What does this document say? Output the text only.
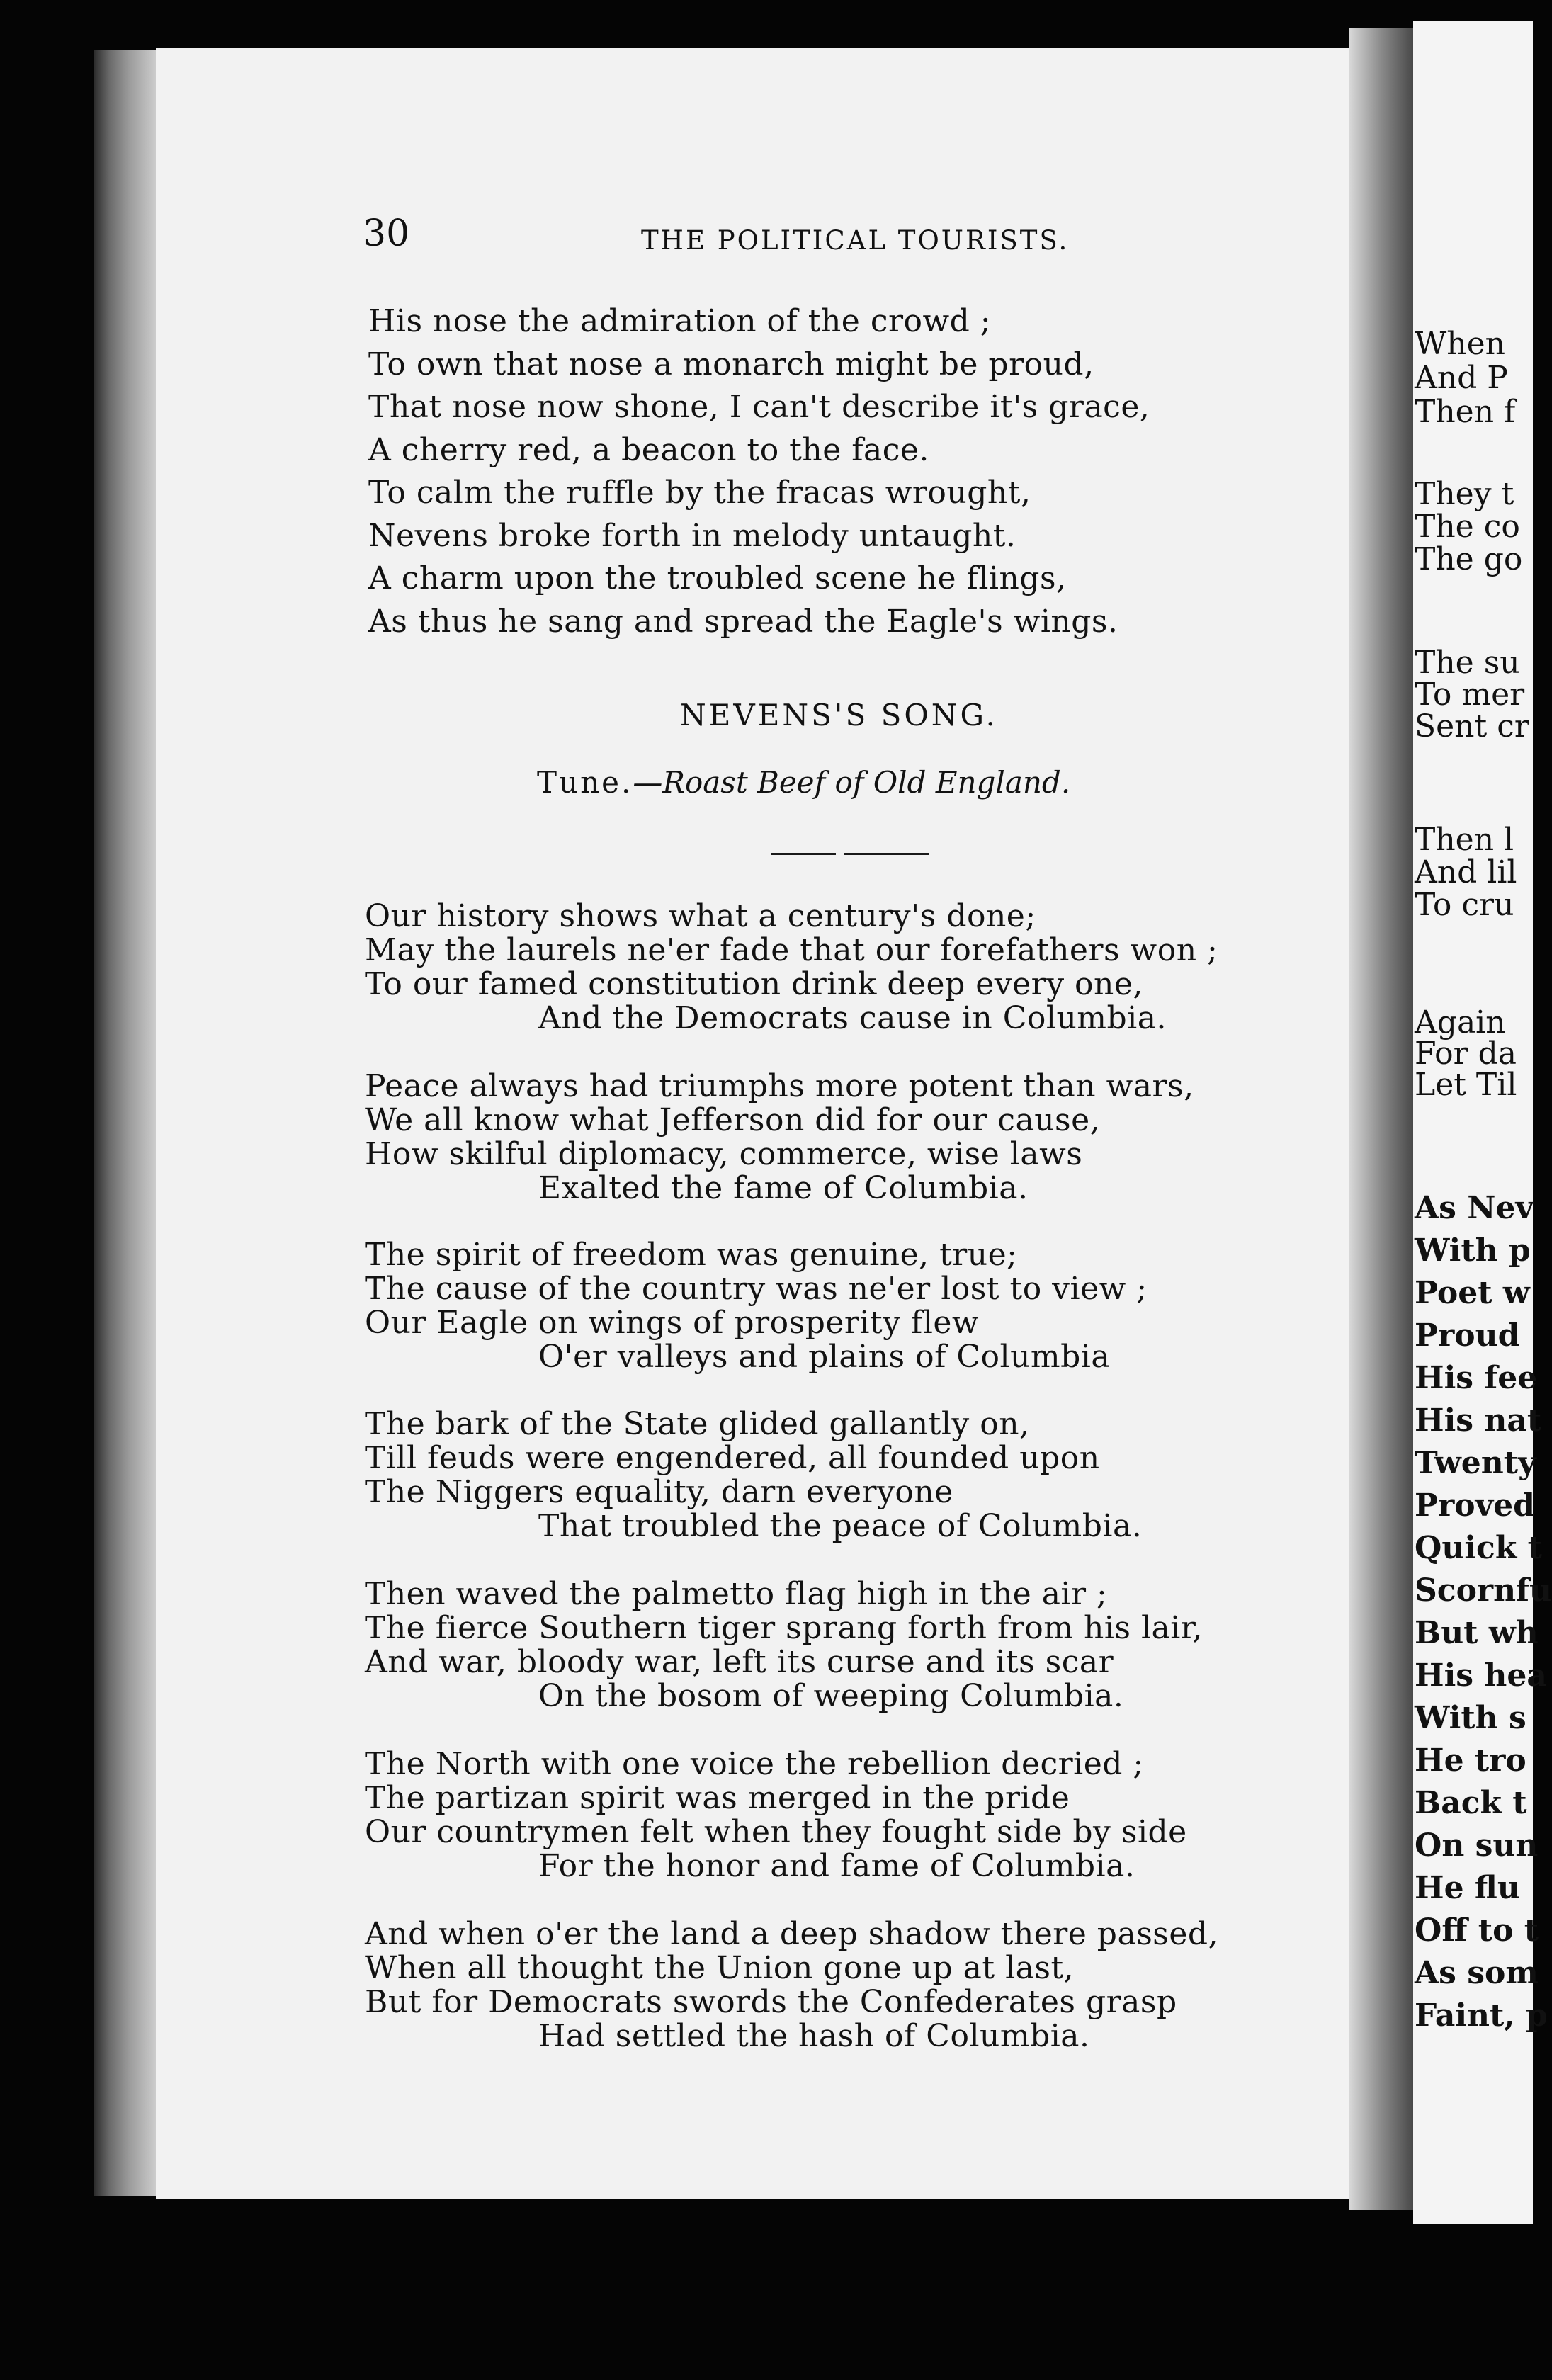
When
And P
Then f
They t
The co
The go
The su
To mer
Sent cr
Then l
And lil
To cru
Again
For da
Let Til
As Nev
With p
Poet w
Proud
His fee
His nat
Twenty
Proved
Quick t
Scornfu
But wh
His hea
With s
He tro
Back t
On sun
He flu
Off to t
As som
Faint, p
THE POLITICAL TOURISTS.
30
His nose the admiration of the crowd ;
To own that nose a monarch might be proud,
That nose now shone, I can't describe it's grace,
A cherry red, a beacon to the face.
To calm the ruffle by the fracas wrought,
Nevens broke forth in melody untaught.
A charm upon the troubled scene he flings,
As thus he sang and spread the Eagle's wings.
NEVENS'S SONG.
Tune.—Roast Beef of Old England.
Our history shows what a century's done;
May the laurels ne'er fade that our forefathers won ;
To our famed constitution drink deep every one,
And the Democrats cause in Columbia.
Peace always had triumphs more potent than wars,
We all know what Jefferson did for our cause,
How skilful diplomacy, commerce, wise laws
Exalted the fame of Columbia.
The spirit of freedom was genuine, true;
The cause of the country was ne'er lost to view ;
Our Eagle on wings of prosperity flew
O'er valleys and plains of Columbia
The bark of the State glided gallantly on,
Till feuds were engendered, all founded upon
The Niggers equality, darn everyone
That troubled the peace of Columbia.
Then waved the palmetto flag high in the air ;
The fierce Southern tiger sprang forth from his lair,
And war, bloody war, left its curse and its scar
On the bosom of weeping Columbia.
The North with one voice the rebellion decried ;
The partizan spirit was merged in the pride
Our countrymen felt when they fought side by side
For the honor and fame of Columbia.
And when o'er the land a deep shadow there passed,
When all thought the Union gone up at last,
But for Democrats swords the Confederates grasp
Had settled the hash of Columbia.
